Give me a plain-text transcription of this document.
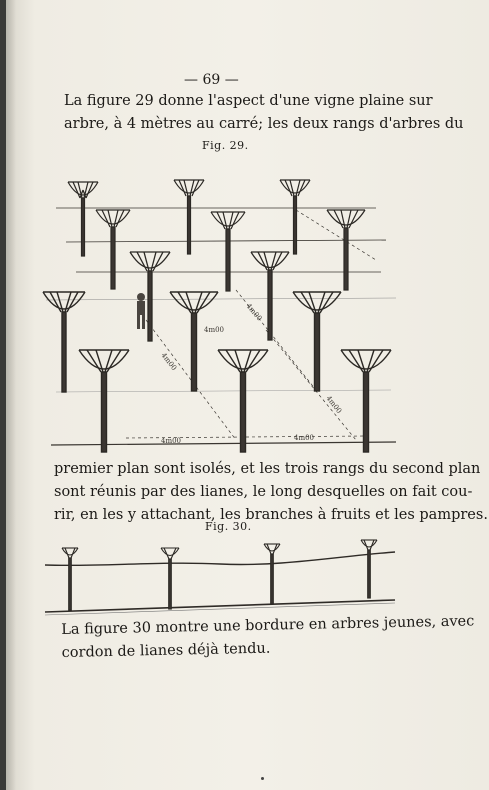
— 69 —
La figure 29 donne l'aspect d'une vigne plaine sur
arbre, à 4 mètres au carré; les deux rangs d'arbres du
Fig. 29.
4m00
4m00
4m00
4m00
4m00	4m00
premier plan sont isolés, et les trois rangs du second plan
sont réunis par des lianes, le long desquelles on fait cou-
rir, en les y attachant, les branches à fruits et les pampres.
Fig. 30.
La figure 30 montre une bordure en arbres jeunes, avec
cordon de lianes déjà tendu.
